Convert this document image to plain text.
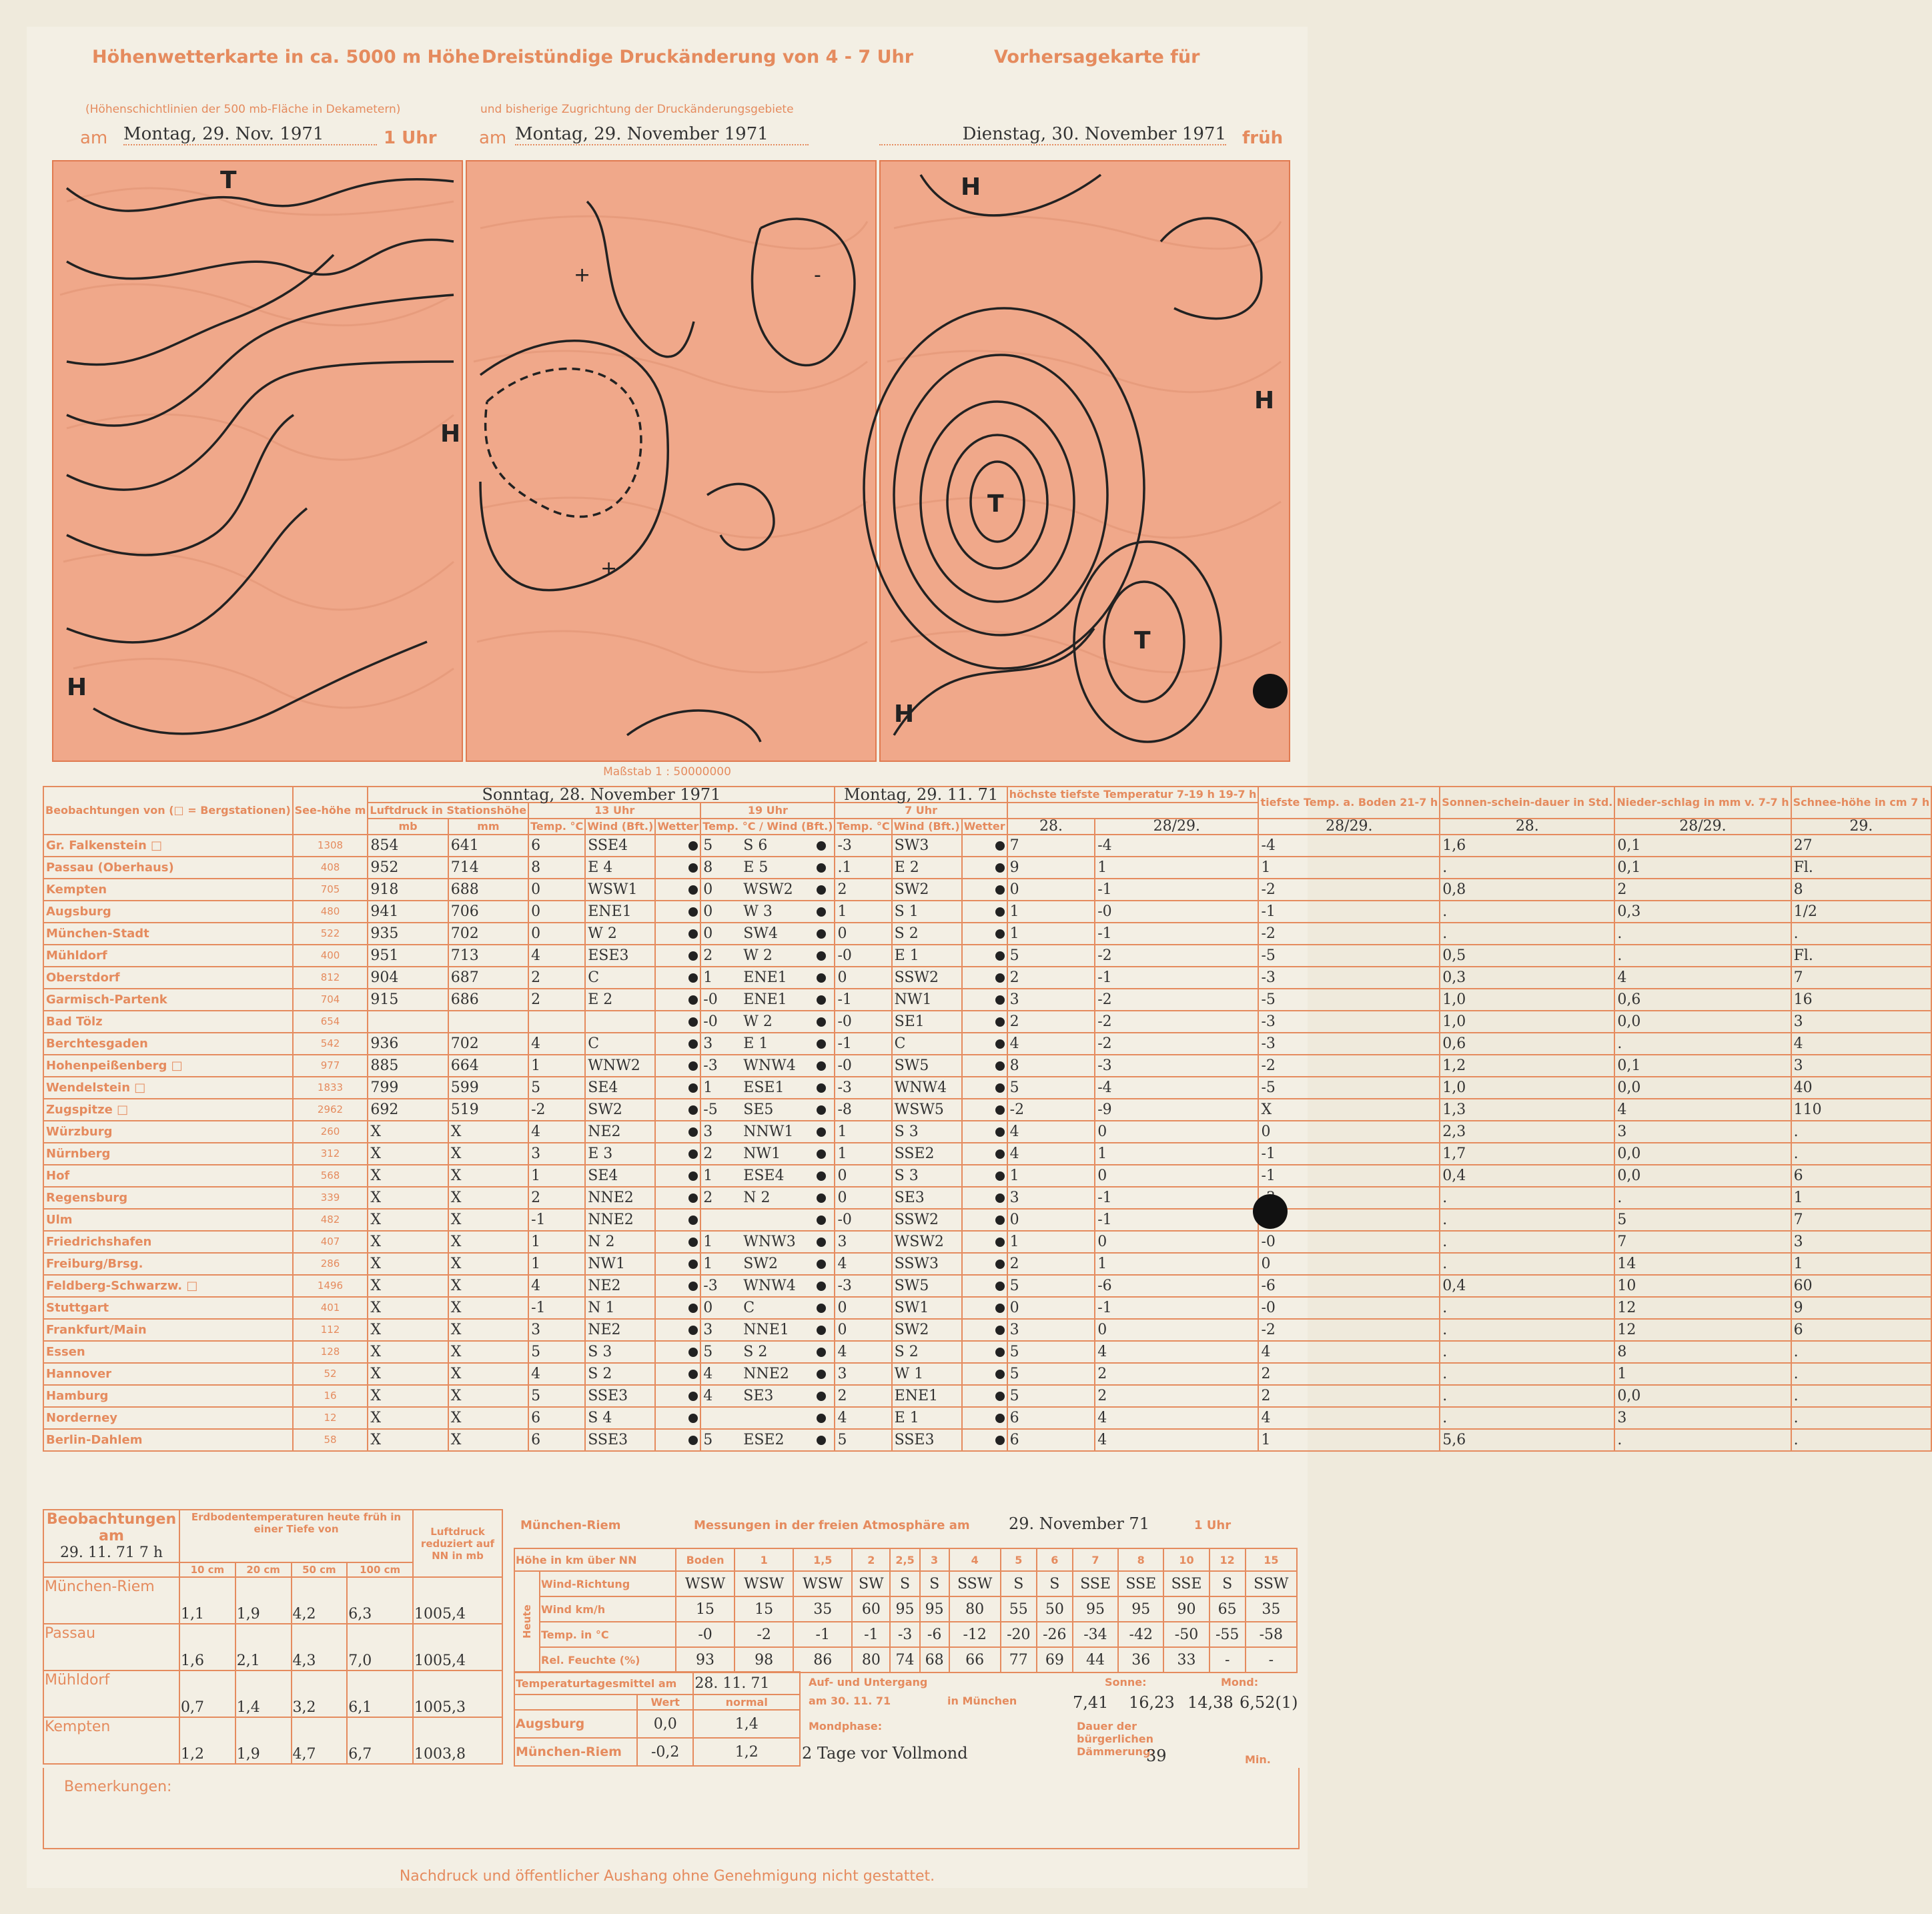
Höhenwetterkarte in ca. 5000 m Höhe
(Höhenschichtlinien der 500 mb-Fläche in Dekametern)
am Montag, 29. Nov. 1971	1 Uhr
Dreistündige Druckänderung von 4 - 7 Uhr
und bisherige Zugrichtung der Druckänderungsgebiete
am Montag, 29. November 1971
Vorhersagekarte für
Dienstag, 30. November 1971 früh
T
H
H
+	-
+
H
T
T
H
H
Maßstab 1 : 50000000
Beobachtungen von (□ = Bergstationen)	See-höhe m	Sonntag, 28. November 1971						Montag, 29. 11. 71			höchste tiefste Temperatur 7-19 h 19-7 h		tiefste Temp. a. Boden 21-7 h	Sonnen-schein-dauer in Std.	Nieder-schlag in mm v. 7-7 h	Schnee-höhe in cm 7 h
		Luftdruck in Stationshöhe		13 Uhr			19 Uhr	7 Uhr								
		mb	mm	Temp. °C	Wind (Bft.)	Wetter	Temp. °C / Wind (Bft.)	Temp. °C	Wind (Bft.)	Wetter	28.	28/29.	28/29.	28.	28/29.	29.
Gr. Falkenstein □	1308	854	641	6	SSE4		5 S 6	-3	SW3		7	-4	-4	1,6	0,1	27
Passau (Oberhaus)	408	952	714	8	E 4		8 E 5	.1	E 2		9	1	1	.	0,1	Fl.
Kempten	705	918	688	0	WSW1		0 WSW2	2	SW2		0	-1	-2	0,8	2	8
Augsburg	480	941	706	0	ENE1		0 W 3	1	S 1		1	-0	-1	.	0,3	1/2
München-Stadt	522	935	702	0	W 2		0 SW4	0	S 2		1	-1	-2	.	.	.
Mühldorf	400	951	713	4	ESE3		2 W 2	-0	E 1		5	-2	-5	0,5	.	Fl.
Oberstdorf	812	904	687	2	C		1 ENE1	0	SSW2		2	-1	-3	0,3	4	7
Garmisch-Partenk	704	915	686	2	E 2		-0 ENE1	-1	NW1		3	-2	-5	1,0	0,6	16
Bad Tölz	654						-0 W 2	-0	SE1		2	-2	-3	1,0	0,0	3
Berchtesgaden	542	936	702	4	C		3 E 1	-1	C		4	-2	-3	0,6	.	4
Hohenpeißenberg □	977	885	664	1	WNW2		-3 WNW4	-0	SW5		8	-3	-2	1,2	0,1	3
Wendelstein □	1833	799	599	5	SE4		1 ESE1	-3	WNW4		5	-4	-5	1,0	0,0	40
Zugspitze □	2962	692	519	-2	SW2		-5 SE5	-8	WSW5		-2	-9	X	1,3	4	110
Würzburg	260	X	X	4	NE2		3 NNW1	1	S 3		4	0	0	2,3	3	.
Nürnberg	312	X	X	3	E 3		2 NW1	1	SSE2		4	1	-1	1,7	0,0	.
Hof	568	X	X	1	SE4		1 ESE4	0	S 3		1	0	-1	0,4	0,0	6
Regensburg	339	X	X	2	NNE2		2 N 2	0	SE3		3	-1		.	.	1
Ulm	482	X	X	-1	NNE2			-0	SSW2		0	-1		.	5	7
Friedrichshafen	407	X	X	1	N 2		1 WNW3	3	WSW2		1	0	-0	.	7	3
Freiburg/Brsg.	286	X	X	1	NW1		1 SW2	4	SSW3		2	1	0	.	14	1
Feldberg-Schwarzw. □	1496	X	X	4	NE2		-3 WNW4	-3	SW5		5	-6	-6	0,4	10	60
Stuttgart	401	X	X	-1	N 1		0 C	0	SW1		0	-1	-0	.	12	9
Frankfurt/Main	112	X	X	3	NE2		3 NNE1	0	SW2		3	0	-2	.	12	6
Essen	128	X	X	5	S 3		5 S 2	4	S 2		5	4	4	.	8	.
Hannover	52	X	X	4	S 2		4 NNE2	3	W 1		5	2	2	.	1	.
Hamburg	16	X	X	5	SSE3		4 SE3	2	ENE1		5	2	2	.	0,0	.
Norderney	12	X	X	6	S 4			4	E 1		6	4	4	.	3	.
Berlin-Dahlem	58	X	X	6	SSE3		5 ESE2	5	SSE3		6	4	1	5,6	.	.
Beobachtungen am
29. 11. 71 7 h	Erdbodentemperaturen heute früh in einer Tiefe von				Luftdruck reduziert auf NN in mb
	10 cm	20 cm	50 cm	100 cm	
München-Riem	1,1	1,9	4,2	6,3	1005,4
Passau	1,6	2,1	4,3	7,0	1005,4
Mühldorf	0,7	1,4	3,2	6,1	1005,3
Kempten	1,2	1,9	4,7	6,7	1003,8
München-Riem	Messungen in der freien Atmosphäre am 29. November 71	1 Uhr
Höhe in km über NN		Boden	1	1,5	2	2,5	3	4	5	6	7	8	10	12	15
Heute	Wind-Richtung	WSW	WSW	WSW	SW	S	S	SSW	S	S	SSE	SSE	SSE	S	SSW
	Wind km/h	15	15	35	60	95	95	80	55	50	95	95	90	65	35
	Temp. in °C	-0	-2	-1	-1	-3	-6	-12	-20	-26	-34	-42	-50	-55	-58
	Rel. Feuchte (%)	93	98	86	80	74	68	66	77	69	44	36	33	-	-
Temperaturtagesmittel am		28. 11. 71
	Wert	normal
Augsburg	0,0	1,4
München-Riem	-0,2	1,2
Auf- und Untergang
am 30. 11. 71	in München
Sonne:	Mond:
7,41 16,23 14,38 6,52(1)
Mondphase:
2 Tage vor Vollmond
Dauer der bürgerlichen Dämmerung:
39	Min.
Bemerkungen:
Nachdruck und öffentlicher Aushang ohne Genehmigung nicht gestattet.
